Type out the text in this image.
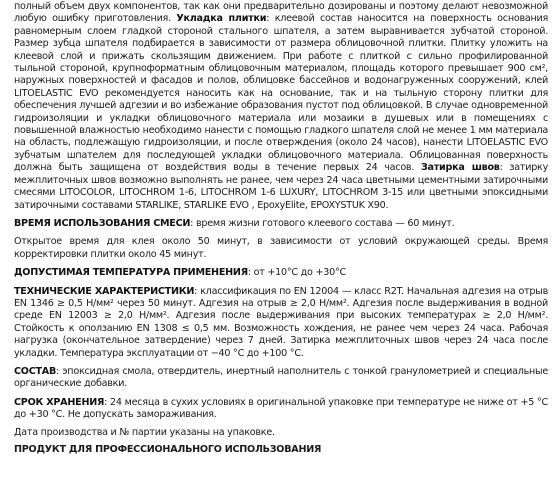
полный объем двух компонентов, так как они предварительно дозированы и поэтому делают невозможной любую ошибку приготовления. Укладка плитки: клеевой состав наносится на поверхность основания равномерным слоем гладкой стороной стального шпателя, а затем выравнивается зубчатой стороной. Размер зубца шпателя подбирается в зависимости от размера облицовочной плитки. Плитку уложить на клеевой слой и прижать скользящим движением. При работе с плиткой с сильно профилированной тыльной стороной, крупноформатным облицовочным материалом, площадь которого превышает 900 см², наружных поверхностей и фасадов и полов, облицовке бассейнов и водонагруженных сооружений, клей LITOELASTIC EVO рекомендуется наносить как на основание, так и на тыльную сторону плитки для обеспечения лучшей адгезии и во избежание образования пустот под облицовкой. В случае одновременной гидроизоляции и укладки облицовочного материала или мозаики в душевых или в помещениях с повышенной влажностью необходимо нанести с помощью гладкого шпателя слой не менее 1 мм материала на область, подлежащую гидроизоляции, и после отверждения (около 24 часов), нанести LITOELASTIC EVO зубчатым шпателем для последующей укладки облицовочного материала. Облицованная поверхность должна быть защищена от воздействия воды в течение первых 24 часов. Затирка швов: затирку межплиточных швов возможно выполнять не ранее, чем через 24 часа цветными цементными затирочными смесями LITOCOLOR, LITOCHROM 1-6, LITOCHROM 1-6 LUXURY, LITOCHROM 3-15 или цветными эпоксидными затирочными составами STARLIKE, STARLIKE EVO , EpoxyElite, EPOXYSTUK X90.

ВРЕМЯ ИСПОЛЬЗОВАНИЯ СМЕСИ: время жизни готового клеевого состава — 60 минут.

Открытое время для клея около 50 минут, в зависимости от условий окружающей среды. Время корректировки плитки около 45 минут.

ДОПУСТИМАЯ ТЕМПЕРАТУРА ПРИМЕНЕНИЯ: от +10°С до +30°С

ТЕХНИЧЕСКИЕ ХАРАКТЕРИСТИКИ: классификация по EN 12004 — класс R2T. Начальная адгезия на отрыв EN 1346 ≥ 0,5 Н/мм² через 50 минут. Адгезия на отрыв ≥ 2,0 Н/мм². Адгезия после выдерживания в водной среде EN 12003 ≥ 2,0 Н/мм². Адгезия после выдерживания при высоких температурах ≥ 2,0 Н/мм². Стойкость к оползанию EN 1308 ≤ 0,5 мм. Возможность хождения, не ранее чем через 24 часа. Рабочая нагрузка (окончательное затвердение) через 7 дней. Затирка межплиточных швов через 24 часа после укладки. Температура эксплуатации от −40 °С до +100 °С.

СОСТАВ: эпоксидная смола, отвердитель, инертный наполнитель с тонкой гранулометрией и специальные органические добавки.

СРОК ХРАНЕНИЯ: 24 месяца в сухих условиях в оригинальной упаковке при температуре не ниже от +5 °С до +30 °С. Не допускать замораживания.

Дата производства и № партии указаны на упаковке.

ПРОДУКТ ДЛЯ ПРОФЕССИОНАЛЬНОГО ИСПОЛЬЗОВАНИЯ
